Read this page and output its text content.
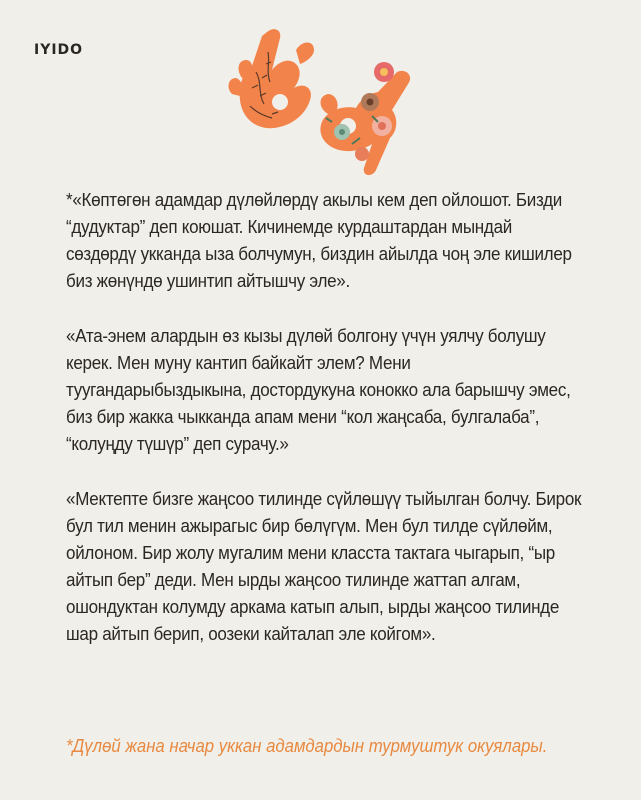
IYIDO

*«Көптөгөн адамдар дүлөйлөрдү акылы кем деп ойлошот. Бизди “дудуктар” деп коюшат. Кичинемде курдаштардан мындай сөздөрдү укканда ыза болчумун, биздин айылда чоң эле кишилер биз жөнүндө ушинтип айтышчу эле».

«Ата-энем алардын өз кызы дүлөй болгону үчүн уялчу болушу керек. Мен муну кантип байкайт элем? Мени туугандарыбыздыкына, достордукуна конокко ала барышчу эмес, биз бир жакка чыкканда апам мени “кол жаңсаба, булгалаба”, “колуңду түшүр” деп сурачу.»

«Мектепте бизге жаңсоо тилинде сүйлөшүү тыйылган болчу. Бирок бул тил менин ажырагыс бир бөлүгүм. Мен бул тилде сүйлөйм, ойлоном. Бир жолу мугалим мени класста тактага чыгарып, “ыр айтып бер” деди. Мен ырды жаңсоо тилинде жаттап алгам, ошондуктан колумду аркама катып алып, ырды жаңсоо тилинде шар айтып берип, оозеки кайталап эле койгом».

*Дүлөй жана начар уккан адамдардын турмуштук окуялары.
